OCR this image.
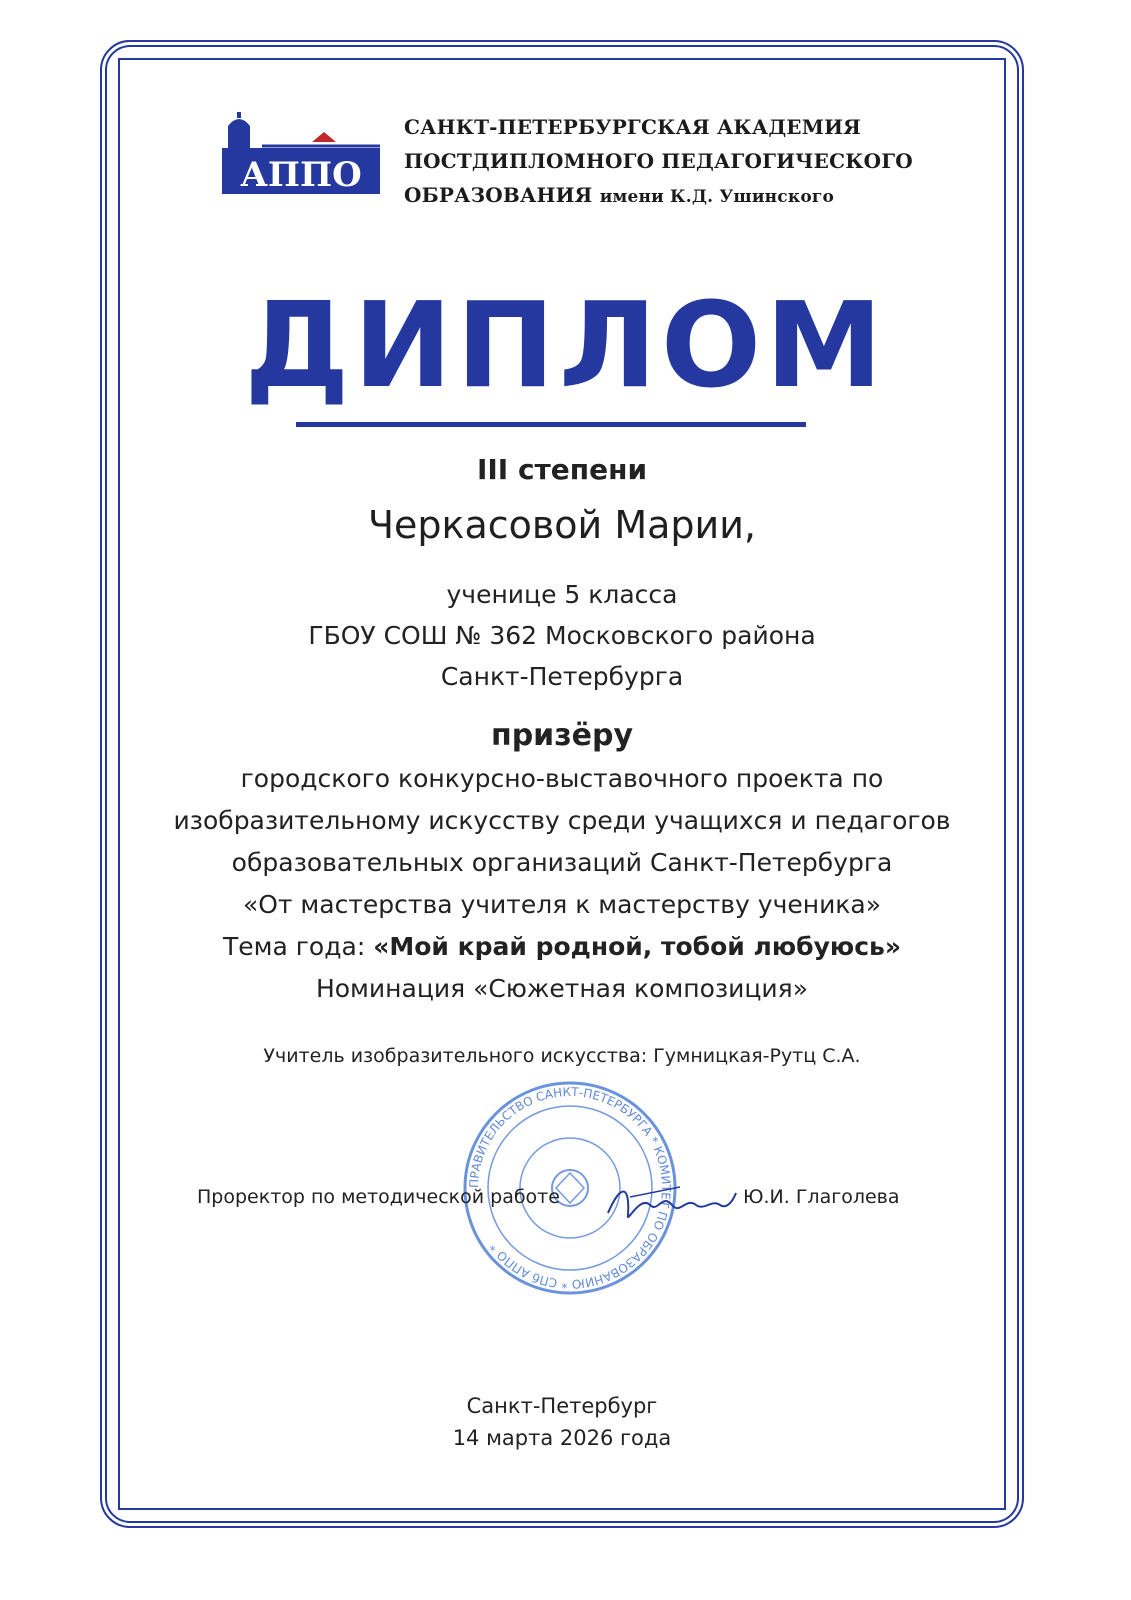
АППО
САНКТ-ПЕТЕРБУРГСКАЯ АКАДЕМИЯ
ПОСТДИПЛОМНОГО ПЕДАГОГИЧЕСКОГО
ОБРАЗОВАНИЯ имени К.Д. Ушинского
ДИПЛОМ
III степени
Черкасовой Марии,
ученице 5 класса
ГБОУ СОШ № 362 Московского района
Санкт-Петербурга
призёру
городского конкурсно-выставочного проекта по
изобразительному искусству среди учащихся и педагогов
образовательных организаций Санкт-Петербурга
«От мастерства учителя к мастерству ученика»
Тема года: «Мой край родной, тобой любуюсь»
Номинация «Сюжетная композиция»
Учитель изобразительного искусства: Гумницкая-Рутц С.А.
ПРАВИТЕЛЬСТВО САНКТ-ПЕТЕРБУРГА * КОМИТЕТ ПО ОБРАЗОВАНИЮ * СПб АППО *
Проректор по методической работе	Ю.И. Глаголева
Санкт-Петербург
14 марта 2026 года
